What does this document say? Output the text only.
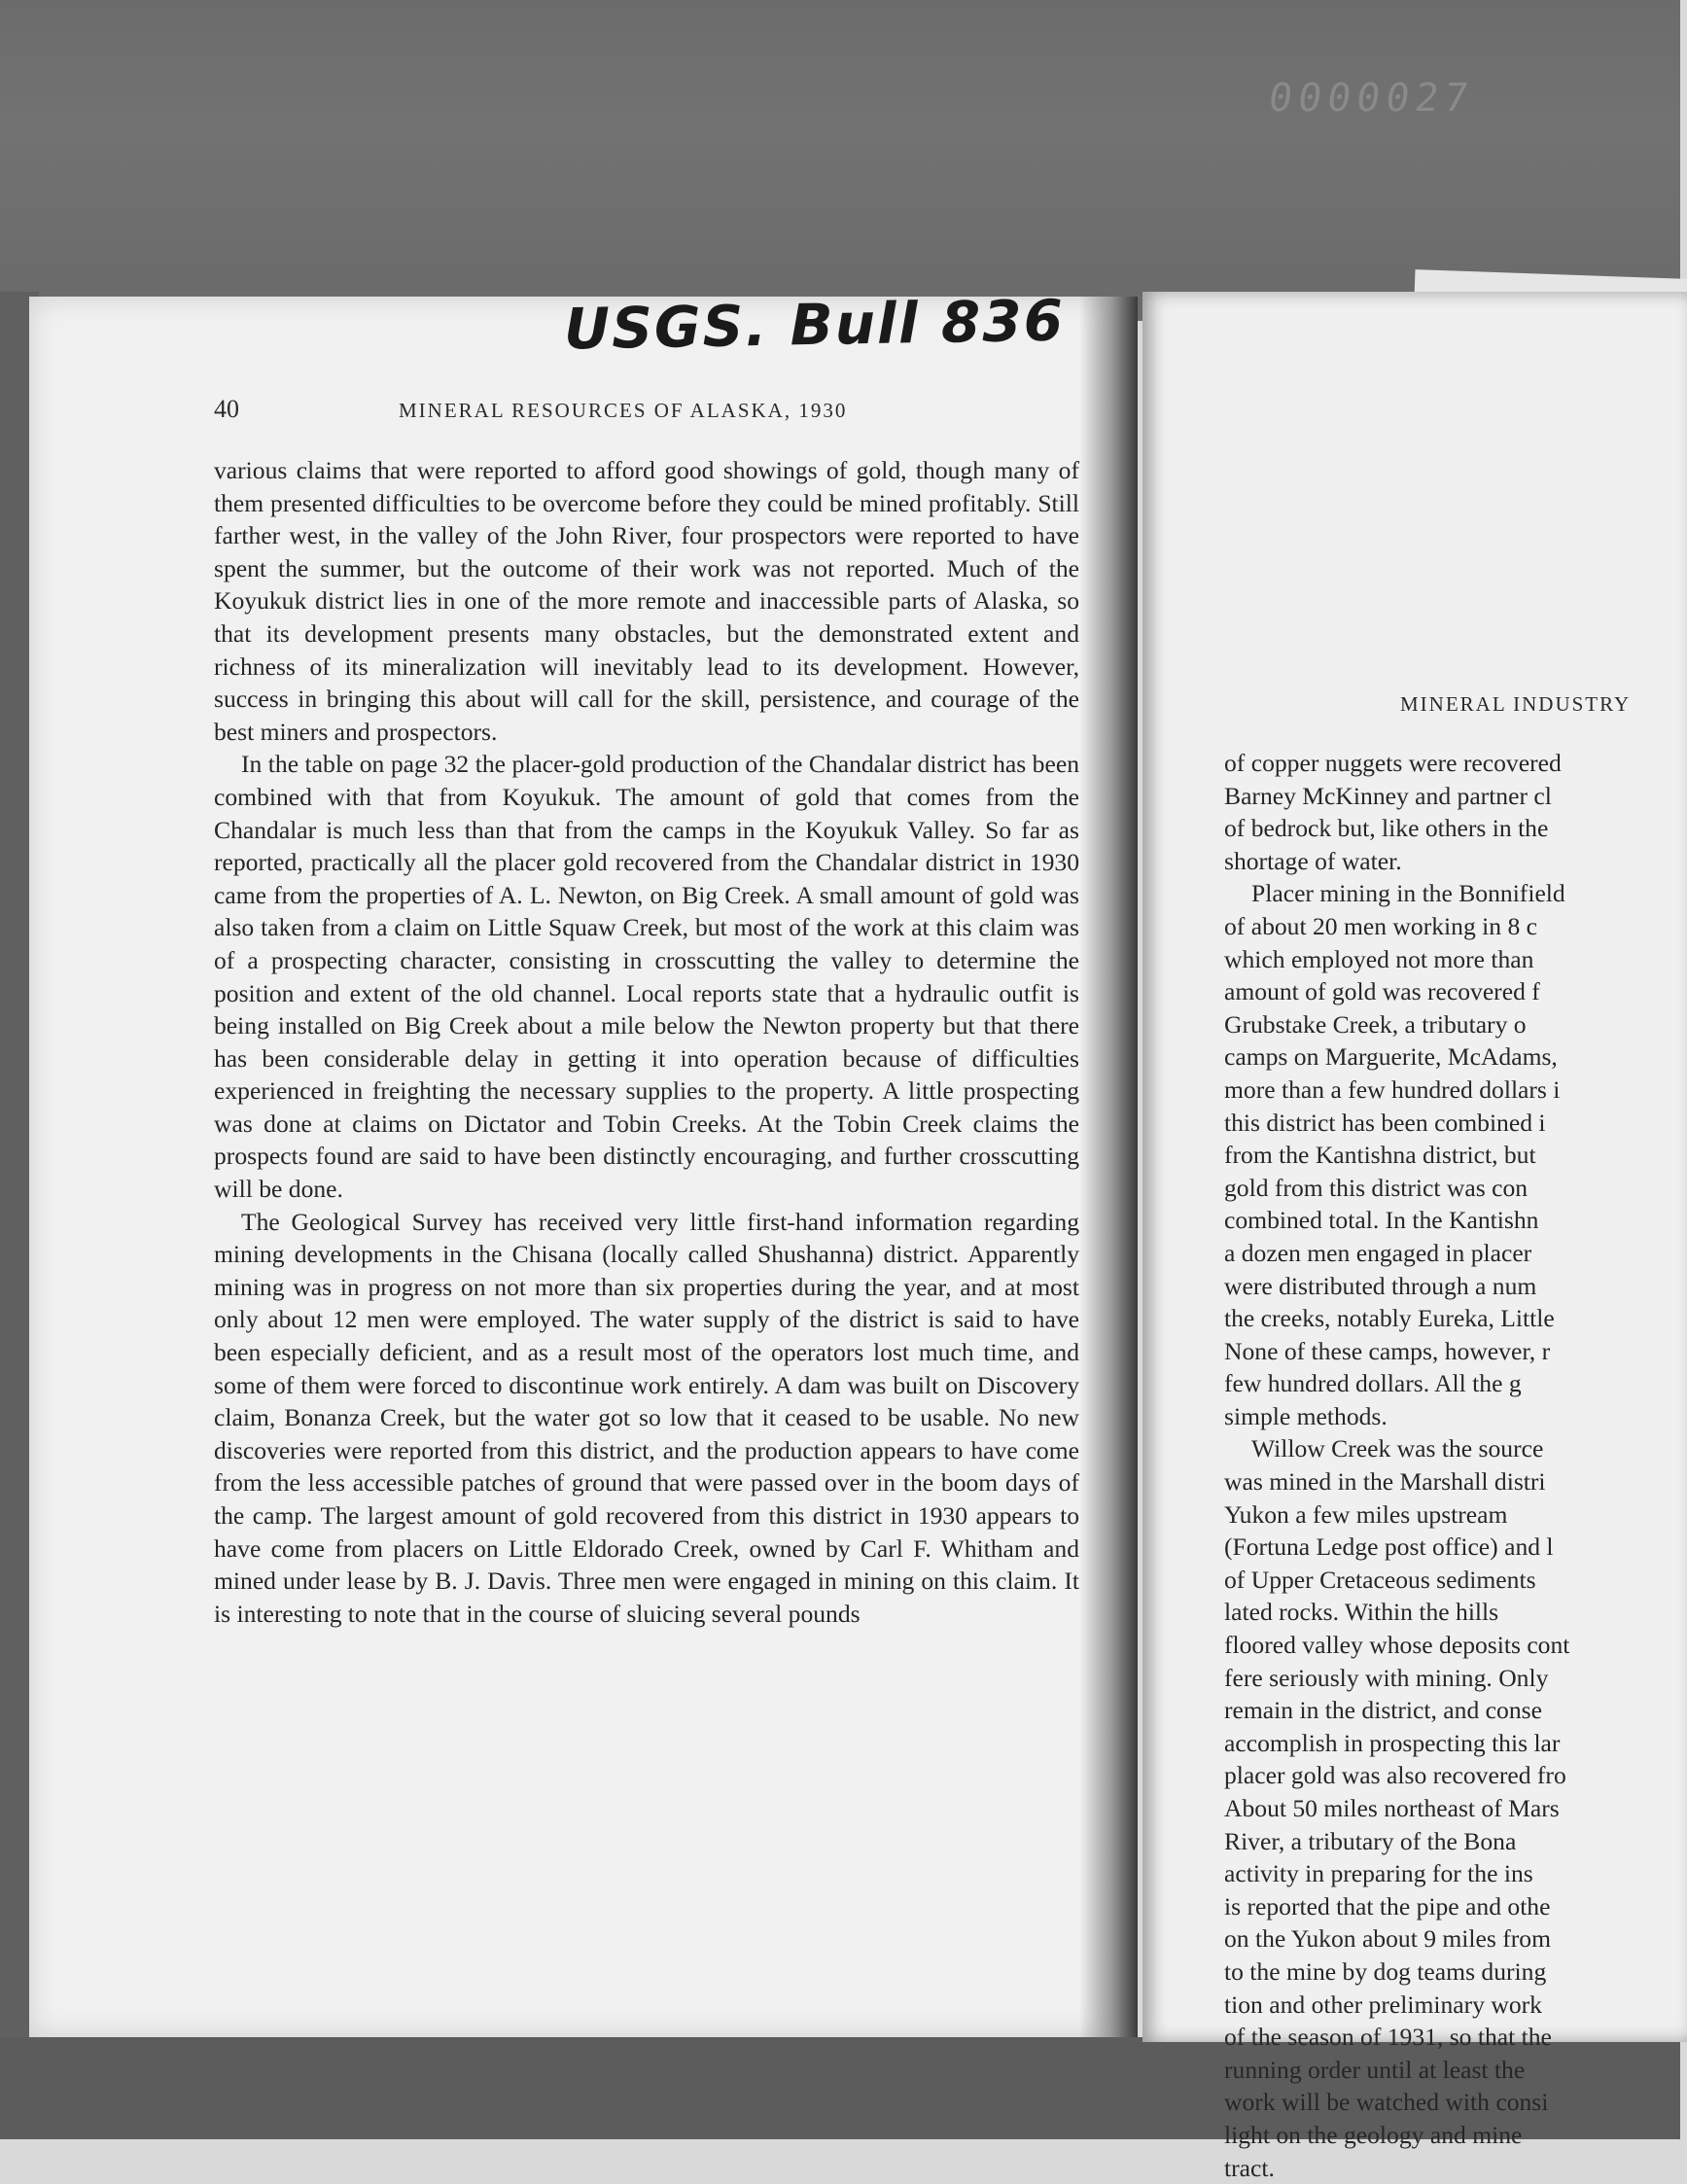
0000027
MINERAL INDUSTRY
of copper nuggets were recovered
Barney McKinney and partner cl
of bedrock but, like others in the
shortage of water.
Placer mining in the Bonnifield
of about 20 men working in 8 c
which employed not more than
amount of gold was recovered f
Grubstake Creek, a tributary o
camps on Marguerite, McAdams,
more than a few hundred dollars i
this district has been combined i
from the Kantishna district, but
gold from this district was con
combined total. In the Kantishn
a dozen men engaged in placer
were distributed through a num
the creeks, notably Eureka, Little
None of these camps, however, r
few hundred dollars. All the g
simple methods.
Willow Creek was the source
was mined in the Marshall distri
Yukon a few miles upstream
(Fortuna Ledge post office) and l
of Upper Cretaceous sediments
lated rocks. Within the hills
floored valley whose deposits cont
fere seriously with mining. Only
remain in the district, and conse
accomplish in prospecting this lar
placer gold was also recovered fro
About 50 miles northeast of Mars
River, a tributary of the Bona
activity in preparing for the ins
is reported that the pipe and othe
on the Yukon about 9 miles from
to the mine by dog teams during
tion and other preliminary work
of the season of 1931, so that the
running order until at least the
work will be watched with consi
light on the geology and mine
tract.
USGS. Bull 836
40	MINERAL RESOURCES OF ALASKA, 1930

various claims that were reported to afford good showings of gold, though many of them presented difficulties to be overcome before they could be mined profitably. Still farther west, in the valley of the John River, four prospectors were reported to have spent the summer, but the outcome of their work was not reported. Much of the Koyukuk district lies in one of the more remote and inaccessible parts of Alaska, so that its development presents many obstacles, but the demonstrated extent and richness of its mineralization will inevitably lead to its development. However, success in bringing this about will call for the skill, persistence, and courage of the best miners and prospectors.

In the table on page 32 the placer-gold production of the Chandalar district has been combined with that from Koyukuk. The amount of gold that comes from the Chandalar is much less than that from the camps in the Koyukuk Valley. So far as reported, practically all the placer gold recovered from the Chandalar district in 1930 came from the properties of A. L. Newton, on Big Creek. A small amount of gold was also taken from a claim on Little Squaw Creek, but most of the work at this claim was of a prospecting character, consisting in crosscutting the valley to determine the position and extent of the old channel. Local reports state that a hydraulic outfit is being installed on Big Creek about a mile below the Newton property but that there has been considerable delay in getting it into operation because of difficulties experienced in freighting the necessary supplies to the property. A little prospecting was done at claims on Dictator and Tobin Creeks. At the Tobin Creek claims the prospects found are said to have been distinctly encouraging, and further crosscutting will be done.

The Geological Survey has received very little first-hand information regarding mining developments in the Chisana (locally called Shushanna) district. Apparently mining was in progress on not more than six properties during the year, and at most only about 12 men were employed. The water supply of the district is said to have been especially deficient, and as a result most of the operators lost much time, and some of them were forced to discontinue work entirely. A dam was built on Discovery claim, Bonanza Creek, but the water got so low that it ceased to be usable. No new discoveries were reported from this district, and the production appears to have come from the less accessible patches of ground that were passed over in the boom days of the camp. The largest amount of gold recovered from this district in 1930 appears to have come from placers on Little Eldorado Creek, owned by Carl F. Whitham and mined under lease by B. J. Davis. Three men were engaged in mining on this claim. It is interesting to note that in the course of sluicing several pounds
